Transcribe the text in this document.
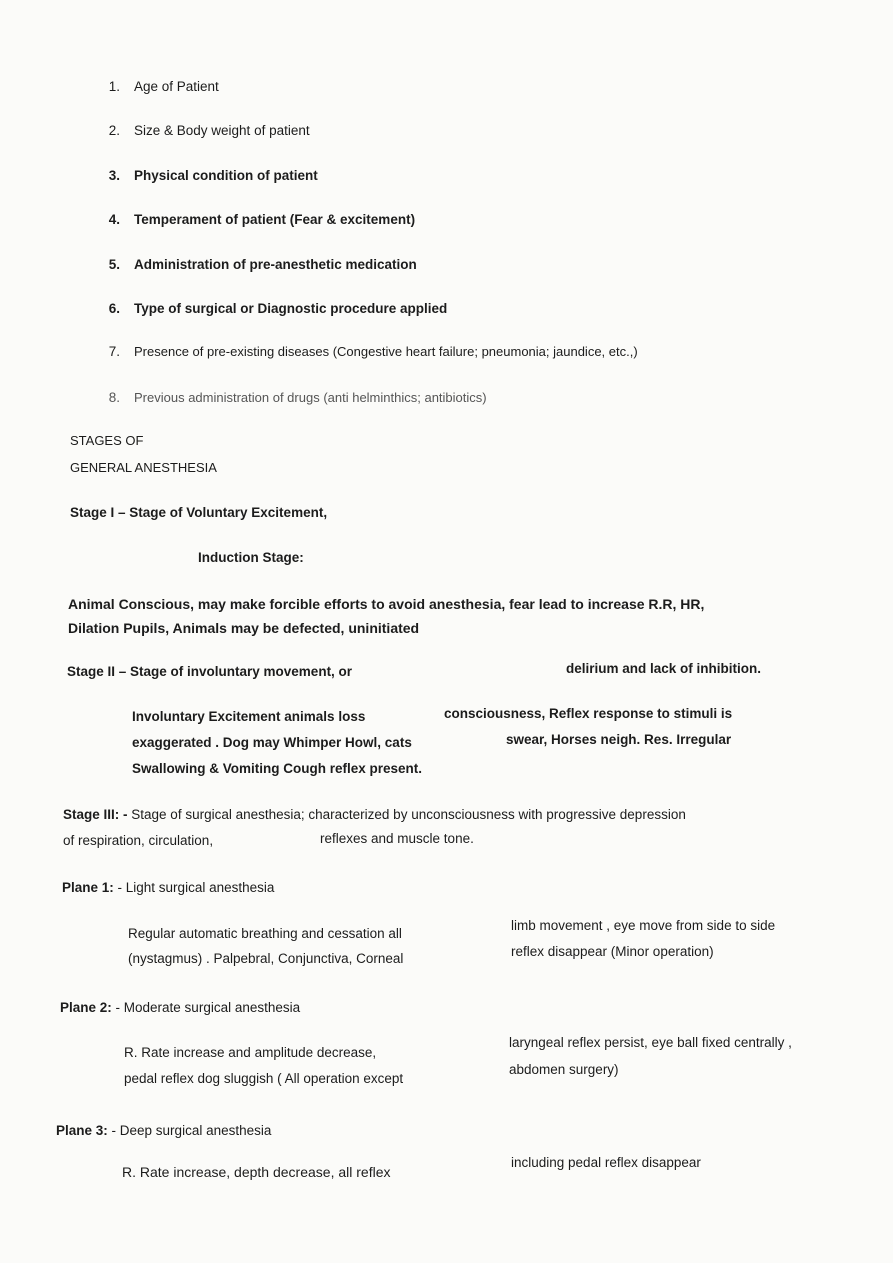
1. Age of Patient
2. Size & Body weight of patient
3. Physical condition of patient
4. Temperament of patient (Fear & excitement)
5. Administration of pre-anesthetic medication
6. Type of surgical or Diagnostic procedure applied
7. Presence of pre-existing diseases (Congestive heart failure; pneumonia; jaundice, etc.,)
8. Previous administration of drugs (anti helminthics; antibiotics)
STAGES OF
GENERAL ANESTHESIA
Stage I – Stage of Voluntary Excitement,
Induction Stage:
Animal Conscious, may make forcible efforts to avoid anesthesia, fear lead to increase R.R, HR,
Dilation Pupils, Animals may be defected, uninitiated
Stage II – Stage of involuntary movement, or	delirium and lack of inhibition.
Involuntary Excitement animals loss	consciousness, Reflex response to stimuli is
exaggerated . Dog may Whimper Howl, cats	swear, Horses neigh. Res. Irregular
Swallowing & Vomiting Cough reflex present.
Stage III: - Stage of surgical anesthesia; characterized by unconsciousness with progressive depression
of respiration, circulation,	reflexes and muscle tone.
Plane 1: - Light surgical anesthesia
Regular automatic breathing and cessation all
limb movement , eye move from side to side
(nystagmus) . Palpebral, Conjunctiva, Corneal	reflex disappear (Minor operation)
Plane 2: - Moderate surgical anesthesia
R. Rate increase and amplitude decrease,
laryngeal reflex persist, eye ball fixed centrally ,
pedal reflex dog sluggish ( All operation except
abdomen surgery)
Plane 3: - Deep surgical anesthesia
R. Rate increase, depth decrease, all reflex
including pedal reflex disappear
